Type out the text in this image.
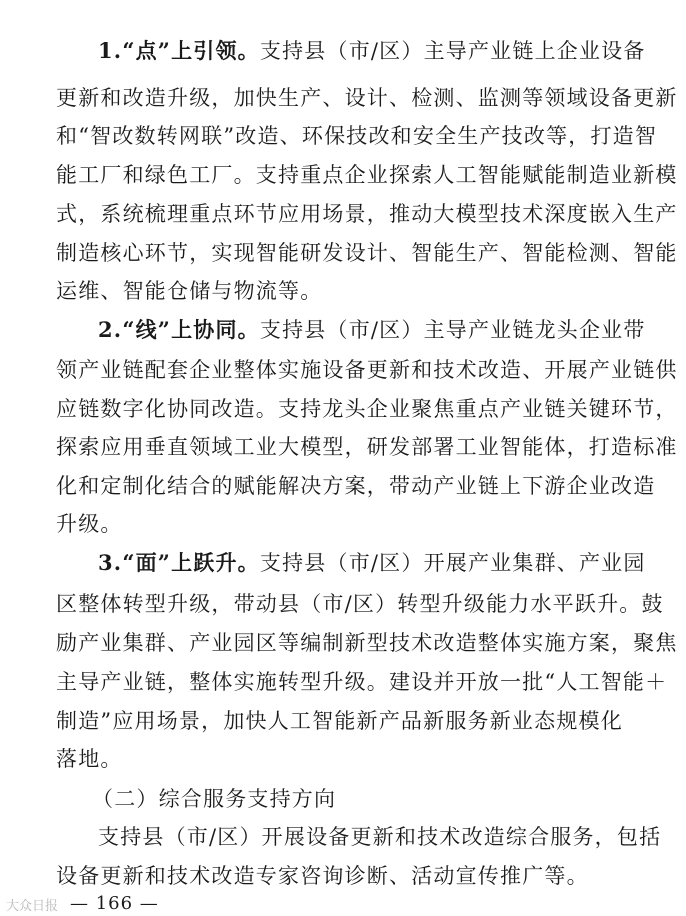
1.“点”上引领。支持县（市/区）主导产业链上企业设备
更新和改造升级，加快生产、设计、检测、监测等领域设备更新
和“智改数转网联”改造、环保技改和安全生产技改等，打造智
能工厂和绿色工厂。支持重点企业探索人工智能赋能制造业新模
式，系统梳理重点环节应用场景，推动大模型技术深度嵌入生产
制造核心环节，实现智能研发设计、智能生产、智能检测、智能
运维、智能仓储与物流等。
2.“线”上协同。支持县（市/区）主导产业链龙头企业带
领产业链配套企业整体实施设备更新和技术改造、开展产业链供
应链数字化协同改造。支持龙头企业聚焦重点产业链关键环节，
探索应用垂直领域工业大模型，研发部署工业智能体，打造标准
化和定制化结合的赋能解决方案，带动产业链上下游企业改造
升级。
3.“面”上跃升。支持县（市/区）开展产业集群、产业园
区整体转型升级，带动县（市/区）转型升级能力水平跃升。鼓
励产业集群、产业园区等编制新型技术改造整体实施方案，聚焦
主导产业链，整体实施转型升级。建设并开放一批“人工智能＋
制造”应用场景，加快人工智能新产品新服务新业态规模化
落地。
（二）综合服务支持方向
支持县（市/区）开展设备更新和技术改造综合服务，包括
设备更新和技术改造专家咨询诊断、活动宣传推广等。
— 166 —
大众日报
